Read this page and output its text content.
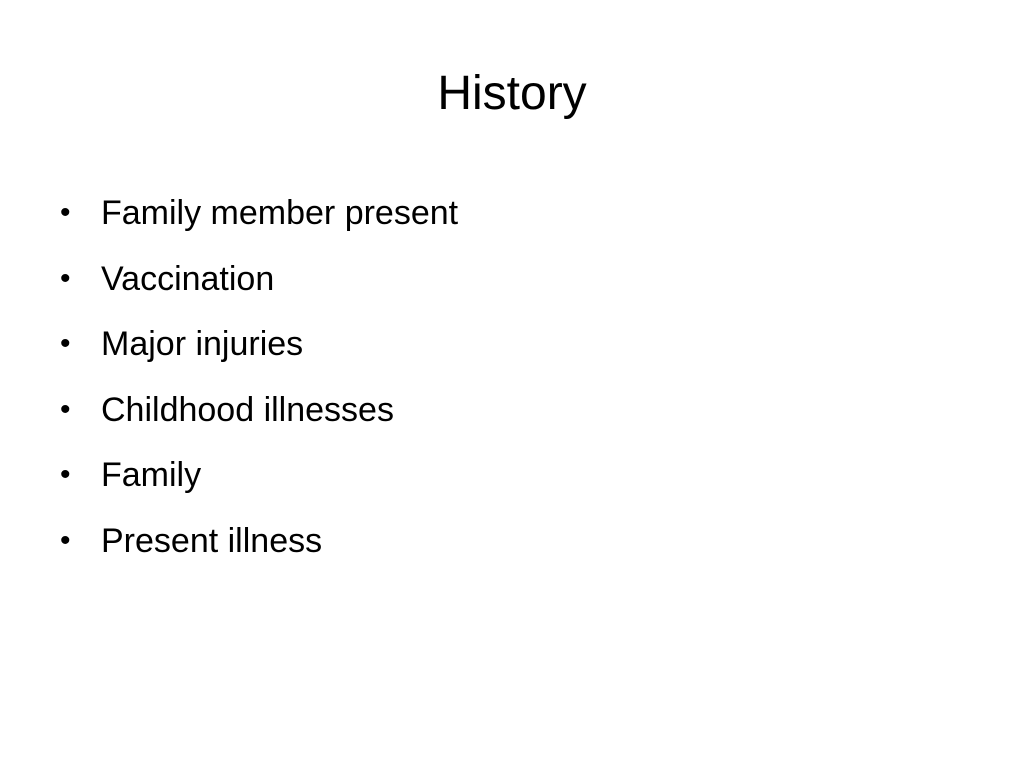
History
• Family member present
• Vaccination
• Major injuries
• Childhood illnesses
• Family
• Present illness
